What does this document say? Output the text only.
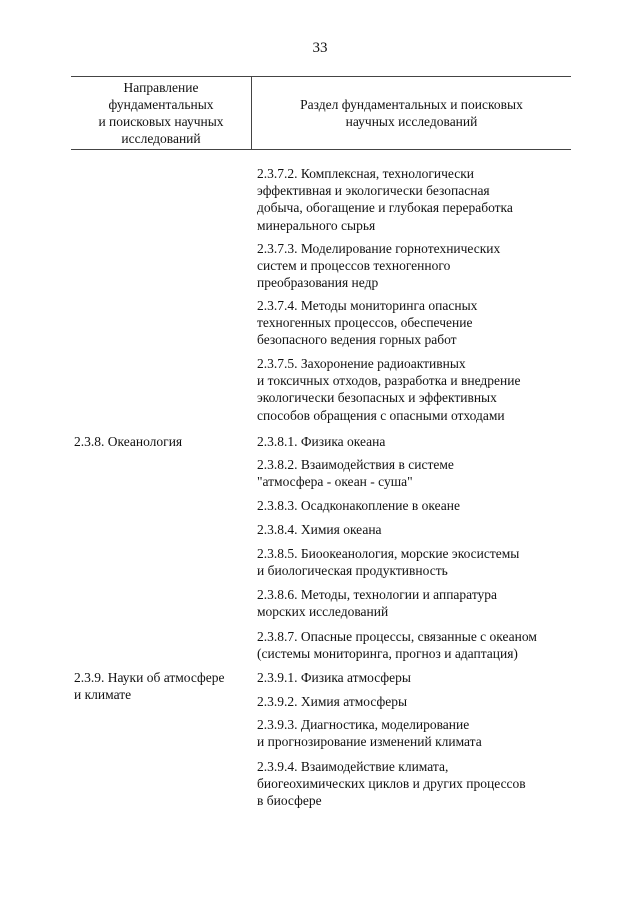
33
Направление
фундаментальных
и поисковых научных
исследований
Раздел фундаментальных и поисковых
научных исследований
2.3.7.2. Комплексная, технологически
эффективная и экологически безопасная
добыча, обогащение и глубокая переработка
минерального сырья
2.3.7.3. Моделирование горнотехнических
систем и процессов техногенного
преобразования недр
2.3.7.4. Методы мониторинга опасных
техногенных процессов, обеспечение
безопасного ведения горных работ
2.3.7.5. Захоронение радиоактивных
и токсичных отходов, разработка и внедрение
экологически безопасных и эффективных
способов обращения с опасными отходами
2.3.8. Океанология	2.3.8.1. Физика океана
2.3.8.2. Взаимодействия в системе
"атмосфера - океан - суша"
2.3.8.3. Осадконакопление в океане
2.3.8.4. Химия океана
2.3.8.5. Биоокеанология, морские экосистемы
и биологическая продуктивность
2.3.8.6. Методы, технологии и аппаратура
морских исследований
2.3.8.7. Опасные процессы, связанные с океаном
(системы мониторинга, прогноз и адаптация)
2.3.9. Науки об атмосфере
и климате
2.3.9.1. Физика атмосферы
2.3.9.2. Химия атмосферы
2.3.9.3. Диагностика, моделирование
и прогнозирование изменений климата
2.3.9.4. Взаимодействие климата,
биогеохимических циклов и других процессов
в биосфере
